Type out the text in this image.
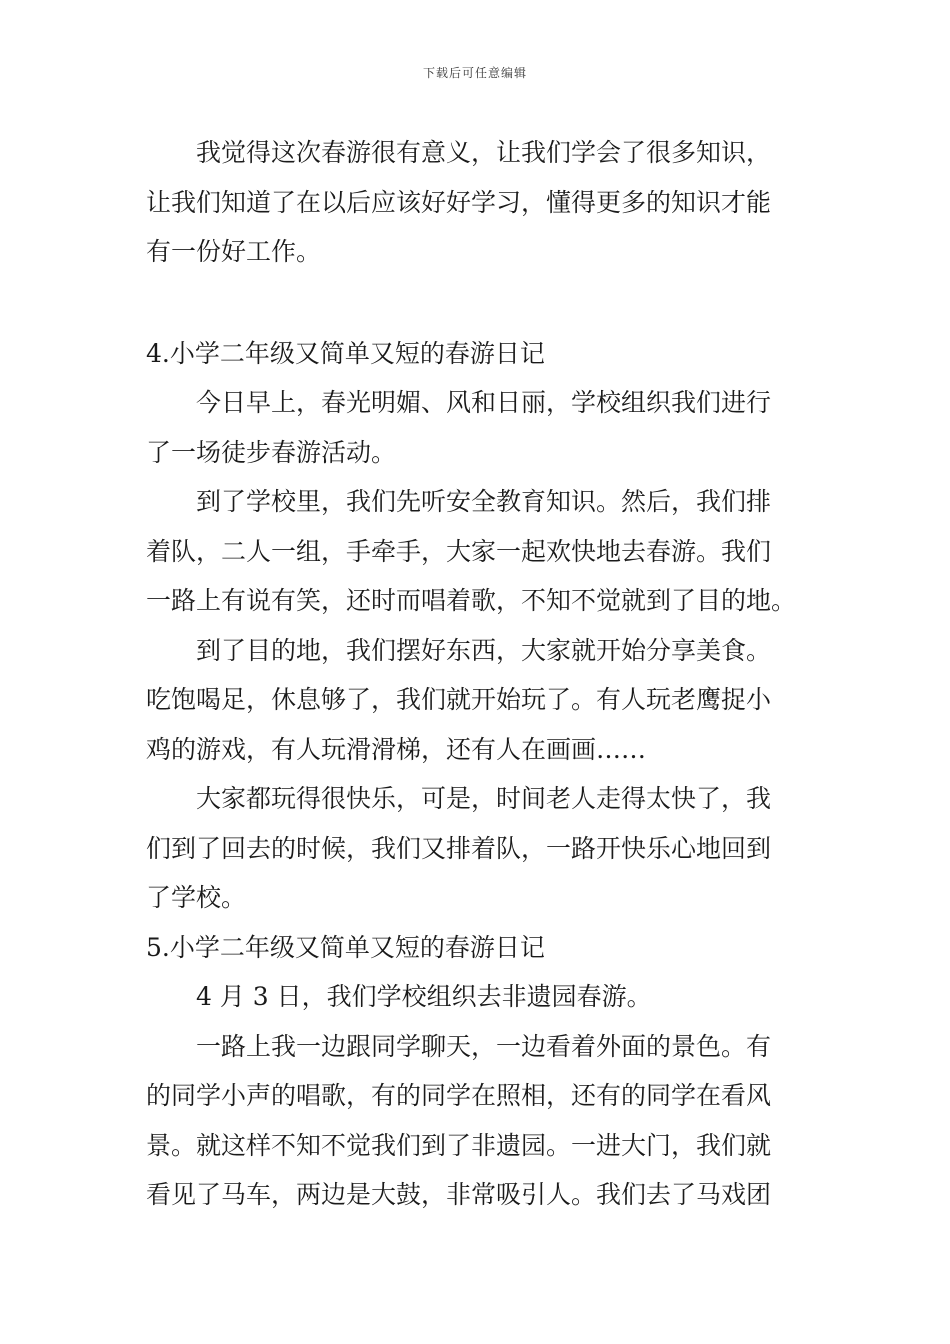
下载后可任意编辑
我觉得这次春游很有意义，让我们学会了很多知识，
让我们知道了在以后应该好好学习，懂得更多的知识才能
有一份好工作。
4.小学二年级又简单又短的春游日记
今日早上，春光明媚、风和日丽，学校组织我们进行
了一场徒步春游活动。
到了学校里，我们先听安全教育知识。然后，我们排
着队，二人一组，手牵手，大家一起欢快地去春游。我们
一路上有说有笑，还时而唱着歌，不知不觉就到了目的地。
到了目的地，我们摆好东西，大家就开始分享美食。
吃饱喝足，休息够了，我们就开始玩了。有人玩老鹰捉小
鸡的游戏，有人玩滑滑梯，还有人在画画……
大家都玩得很快乐，可是，时间老人走得太快了，我
们到了回去的时候，我们又排着队，一路开快乐心地回到
了学校。
5.小学二年级又简单又短的春游日记
4 月 3 日，我们学校组织去非遗园春游。
一路上我一边跟同学聊天，一边看着外面的景色。有
的同学小声的唱歌，有的同学在照相，还有的同学在看风
景。就这样不知不觉我们到了非遗园。一进大门，我们就
看见了马车，两边是大鼓，非常吸引人。我们去了马戏团
